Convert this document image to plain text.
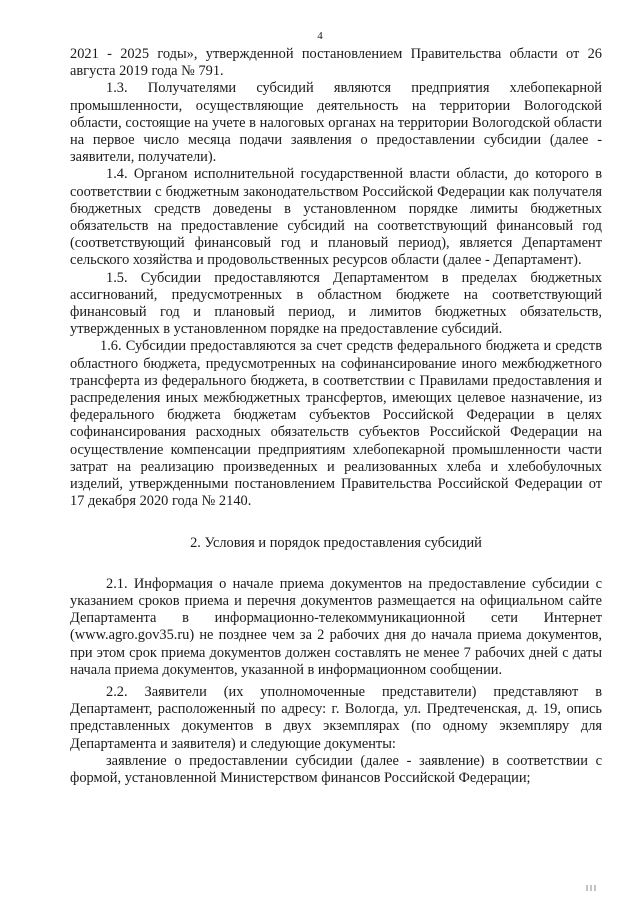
4

2021 - 2025 годы», утвержденной постановлением Правительства области от 26 августа 2019 года № 791.

1.3. Получателями субсидий являются предприятия хлебопекарной промышленности, осуществляющие деятельность на территории Вологодской области, состоящие на учете в налоговых органах на территории Вологодской области на первое число месяца подачи заявления о предоставлении субсидии (далее - заявители, получатели).

1.4. Органом исполнительной государственной власти области, до которого в соответствии с бюджетным законодательством Российской Федерации как получателя бюджетных средств доведены в установленном порядке лимиты бюджетных обязательств на предоставление субсидий на соответствующий финансовый год (соответствующий финансовый год и плановый период), является Департамент сельского хозяйства и продовольственных ресурсов области (далее - Департамент).

1.5. Субсидии предоставляются Департаментом в пределах бюджетных ассигнований, предусмотренных в областном бюджете на соответствующий финансовый год и плановый период, и лимитов бюджетных обязательств, утвержденных в установленном порядке на предоставление субсидий.

1.6. Субсидии предоставляются за счет средств федерального бюджета и средств областного бюджета, предусмотренных на софинансирование иного межбюджетного трансферта из федерального бюджета, в соответствии с Правилами предоставления и распределения иных межбюджетных трансфертов, имеющих целевое назначение, из федерального бюджета бюджетам субъектов Российской Федерации в целях софинансирования расходных обязательств субъектов Российской Федерации на осуществление компенсации предприятиям хлебопекарной промышленности части затрат на реализацию произведенных и реализованных хлеба и хлебобулочных изделий, утвержденными постановлением Правительства Российской Федерации от 17 декабря 2020 года № 2140.

2. Условия и порядок предоставления субсидий

2.1. Информация о начале приема документов на предоставление субсидии с указанием сроков приема и перечня документов размещается на официальном сайте Департамента в информационно-телекоммуникационной сети Интернет (www.agro.gov35.ru) не позднее чем за 2 рабочих дня до начала приема документов, при этом срок приема документов должен составлять не менее 7 рабочих дней с даты начала приема документов, указанной в информационном сообщении.

2.2. Заявители (их уполномоченные представители) представляют в Департамент, расположенный по адресу: г. Вологда, ул. Предтеченская, д. 19, опись представленных документов в двух экземплярах (по одному экземпляру для Департамента и заявителя) и следующие документы:

заявление о предоставлении субсидии (далее - заявление) в соответствии с формой, установленной Министерством финансов Российской Федерации;
